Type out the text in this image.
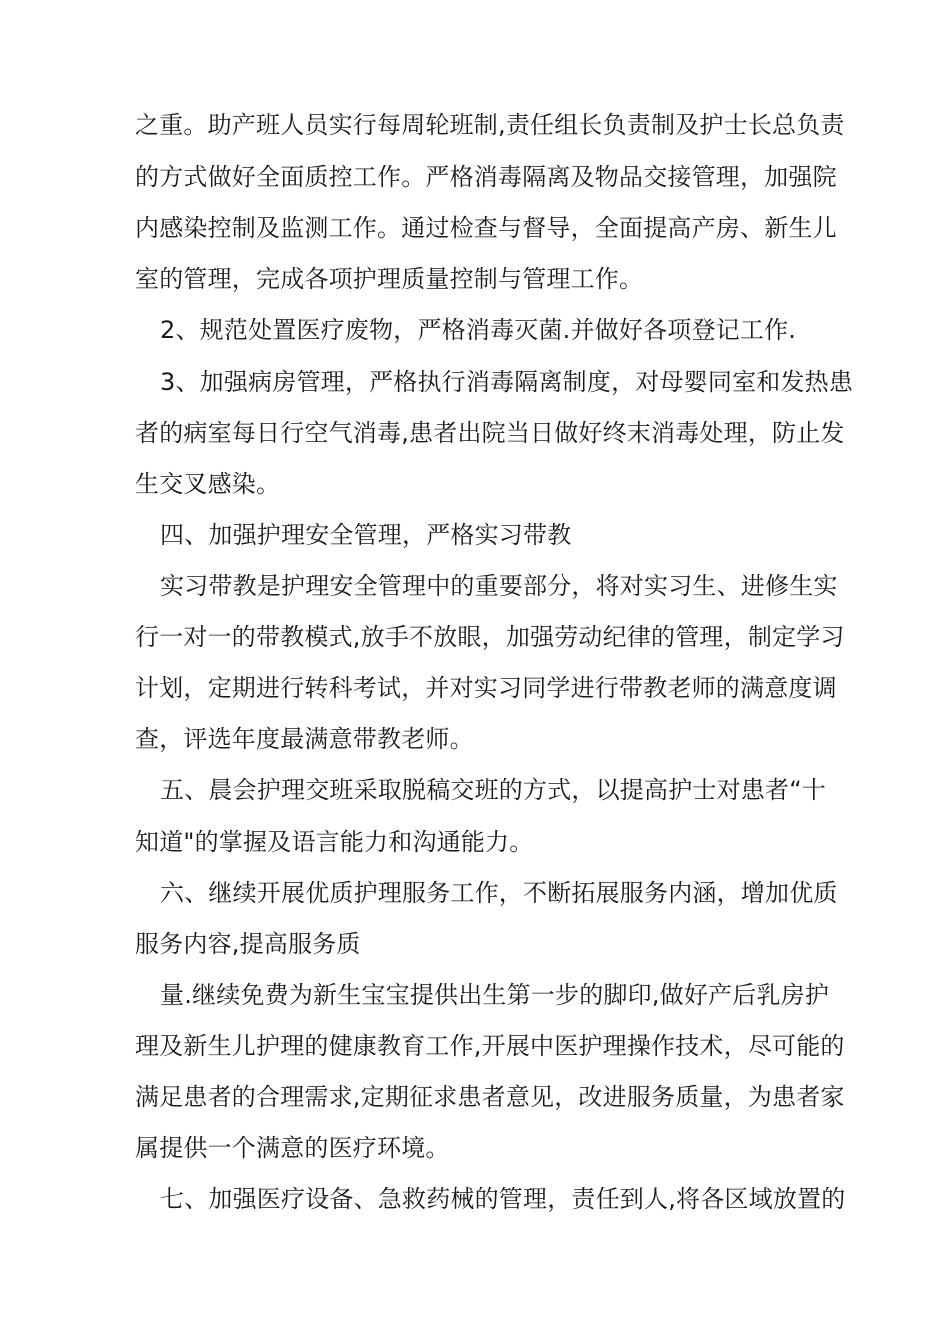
之重。助产班人员实行每周轮班制,责任组长负责制及护士长总负责
的方式做好全面质控工作。严格消毒隔离及物品交接管理，加强院
内感染控制及监测工作。通过检查与督导，全面提高产房、新生儿
室的管理，完成各项护理质量控制与管理工作。
2、规范处置医疗废物，严格消毒灭菌.并做好各项登记工作.
3、加强病房管理，严格执行消毒隔离制度，对母婴同室和发热患
者的病室每日行空气消毒,患者出院当日做好终末消毒处理，防止发
生交叉感染。
四、加强护理安全管理，严格实习带教
实习带教是护理安全管理中的重要部分，将对实习生、进修生实
行一对一的带教模式,放手不放眼，加强劳动纪律的管理，制定学习
计划，定期进行转科考试，并对实习同学进行带教老师的满意度调
查，评选年度最满意带教老师。
五、晨会护理交班采取脱稿交班的方式，以提高护士对患者“十
知道"的掌握及语言能力和沟通能力。
六、继续开展优质护理服务工作，不断拓展服务内涵，增加优质
服务内容,提高服务质
量.继续免费为新生宝宝提供出生第一步的脚印,做好产后乳房护
理及新生儿护理的健康教育工作,开展中医护理操作技术，尽可能的
满足患者的合理需求,定期征求患者意见，改进服务质量，为患者家
属提供一个满意的医疗环境。
七、加强医疗设备、急救药械的管理，责任到人,将各区域放置的
